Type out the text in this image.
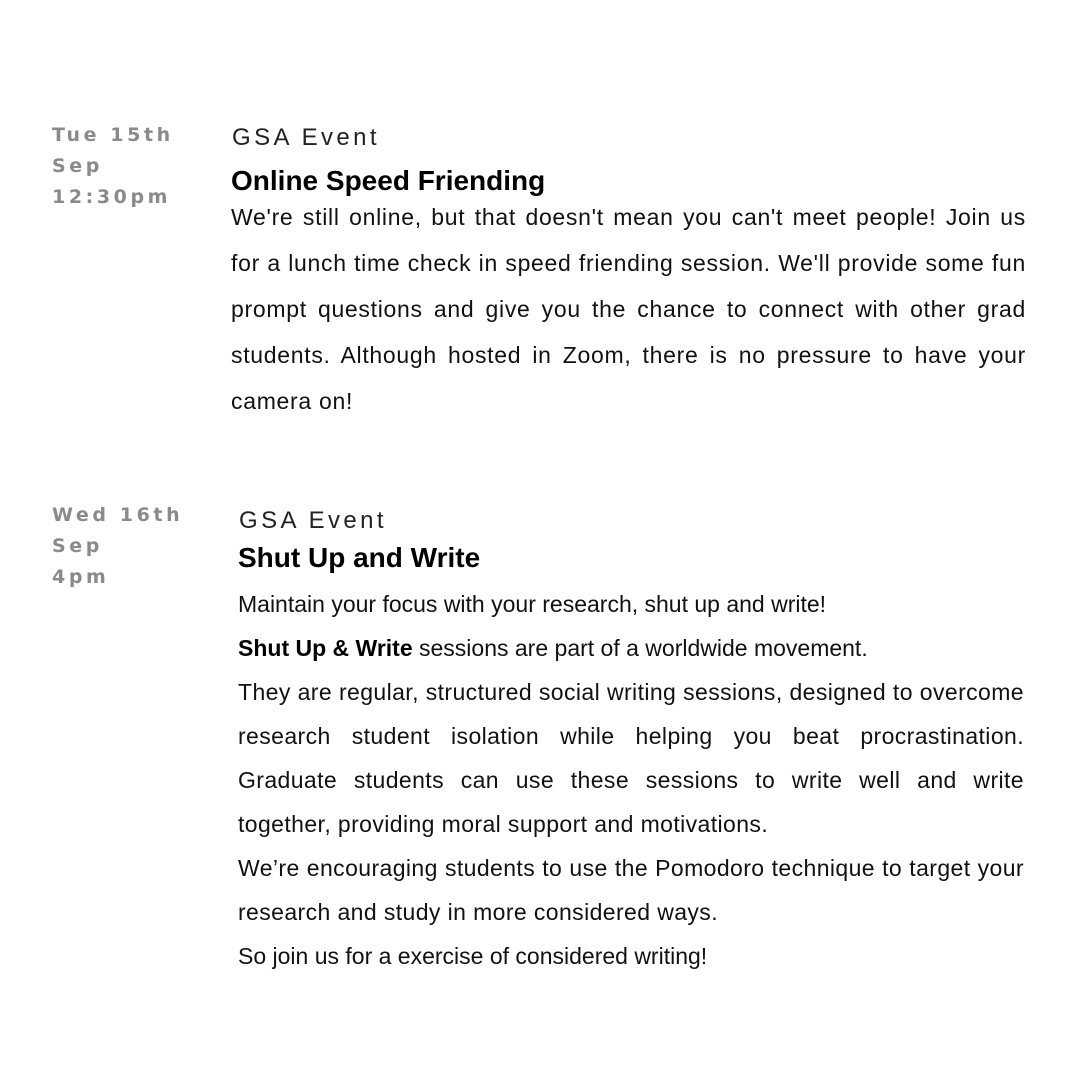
Tue 15th
Sep
12:30pm
GSA Event
Online Speed Friending

We're still online, but that doesn't mean you can't meet people! Join us for a lunch time check in speed friending session. We'll provide some fun prompt questions and give you the chance to connect with other grad students. Although hosted in Zoom, there is no pressure to have your camera on!

Wed 16th
Sep
4pm
GSA Event
Shut Up and Write

Maintain your focus with your research, shut up and write!

Shut Up & Write sessions are part of a worldwide movement.

They are regular, structured social writing sessions, designed to overcome research student isolation while helping you beat procrastination. Graduate students can use these sessions to write well and write together, providing moral support and motivations.

We’re encouraging students to use the Pomodoro technique to target your research and study in more considered ways.

So join us for a exercise of considered writing!
